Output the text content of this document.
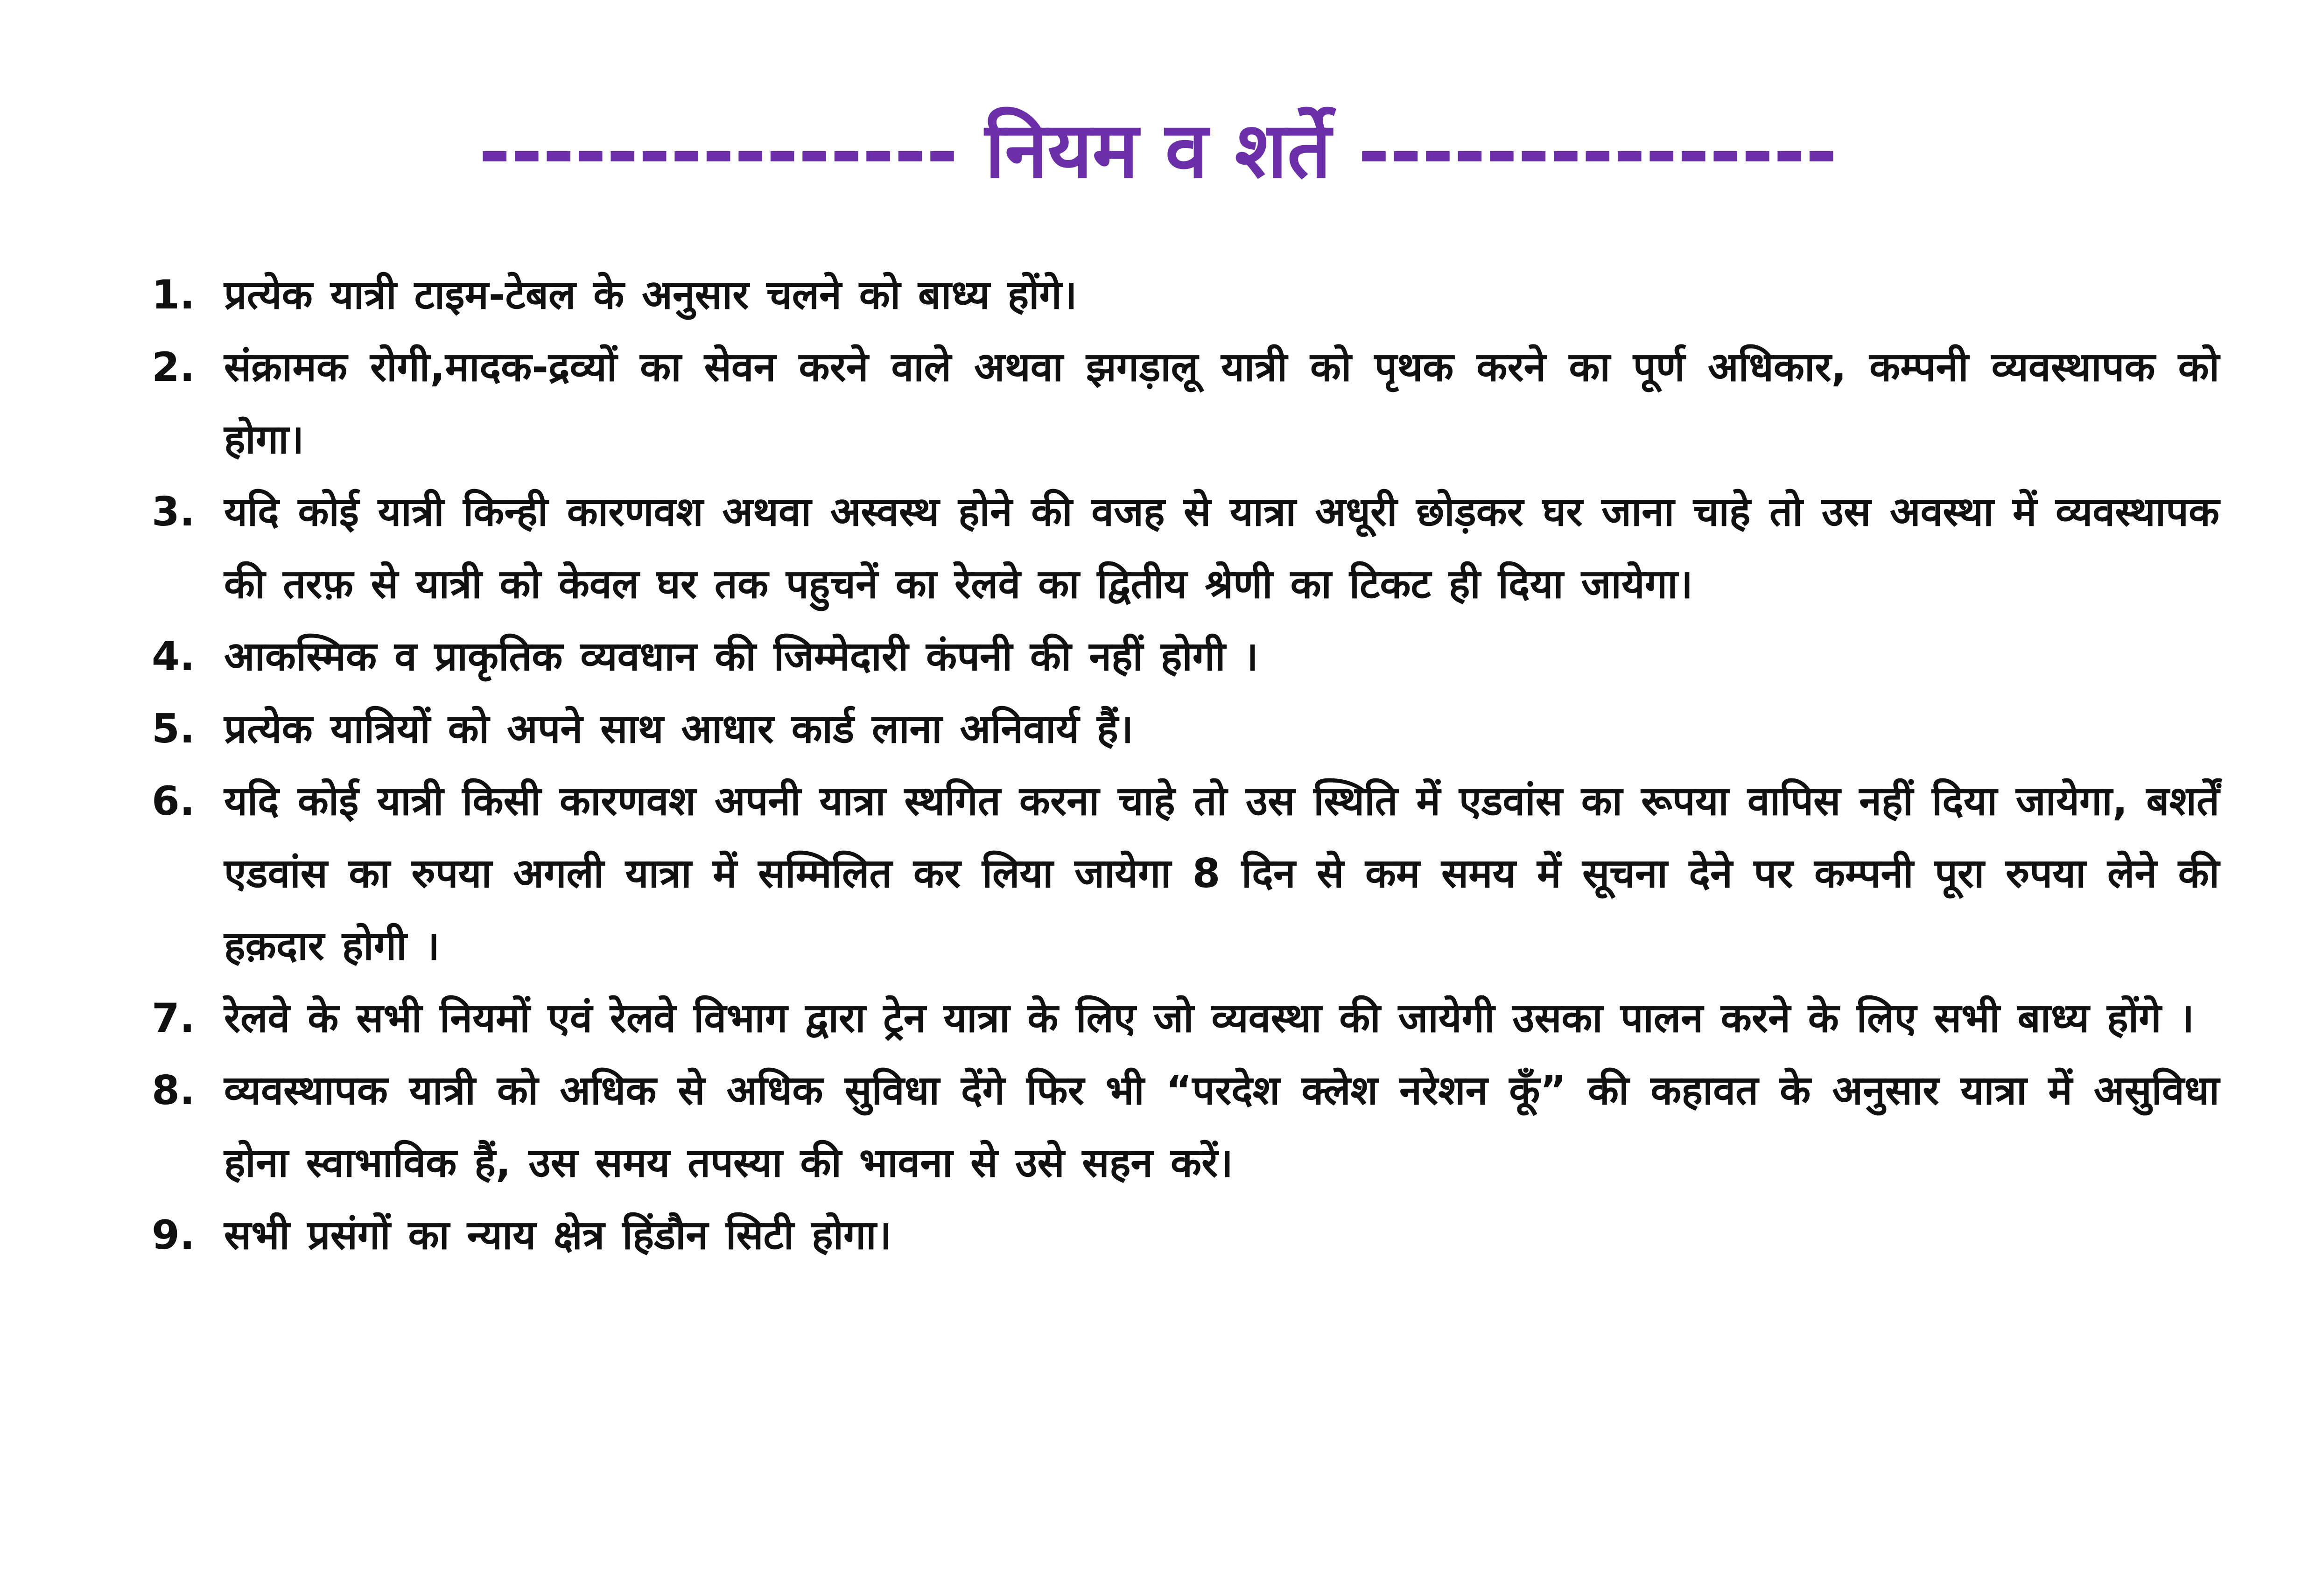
--------------- नियम व शर्ते ---------------
1. प्रत्येक यात्री टाइम-टेबल के अनुसार चलने को बाध्य होंगे।
2. संक्रामक रोगी,मादक-द्रव्यों का सेवन करने वाले अथवा झगड़ालू यात्री को पृथक करने का पूर्ण अधिकार, कम्पनी व्यवस्थापक को होगा।
3. यदि कोई यात्री किन्ही कारणवश अथवा अस्वस्थ होने की वजह से यात्रा अधूरी छोड़कर घर जाना चाहे तो उस अवस्था में व्यवस्थापक की तरफ़ से यात्री को केवल घर तक पहुचनें का रेलवे का द्वितीय श्रेणी का टिकट ही दिया जायेगा।
4. आकस्मिक व प्राकृतिक व्यवधान की जिम्मेदारी कंपनी की नहीं होगी ।
5. प्रत्येक यात्रियों को अपने साथ आधार कार्ड लाना अनिवार्य हैं।
6. यदि कोई यात्री किसी कारणवश अपनी यात्रा स्थगित करना चाहे तो उस स्थिति में एडवांस का रूपया वापिस नहीं दिया जायेगा, बशर्तें एडवांस का रुपया अगली यात्रा में सम्मिलित कर लिया जायेगा 8 दिन से कम समय में सूचना देने पर कम्पनी पूरा रुपया लेने की हक़दार होगी ।
7. रेलवे के सभी नियमों एवं रेलवे विभाग द्वारा ट्रेन यात्रा के लिए जो व्यवस्था की जायेगी उसका पालन करने के लिए सभी बाध्य होंगे ।
8. व्यवस्थापक यात्री को अधिक से अधिक सुविधा देंगे फिर भी “परदेश क्लेश नरेशन कूँ” की कहावत के अनुसार यात्रा में असुविधा होना स्वाभाविक हैं, उस समय तपस्या की भावना से उसे सहन करें।
9. सभी प्रसंगों का न्याय क्षेत्र हिंडौन सिटी होगा।
